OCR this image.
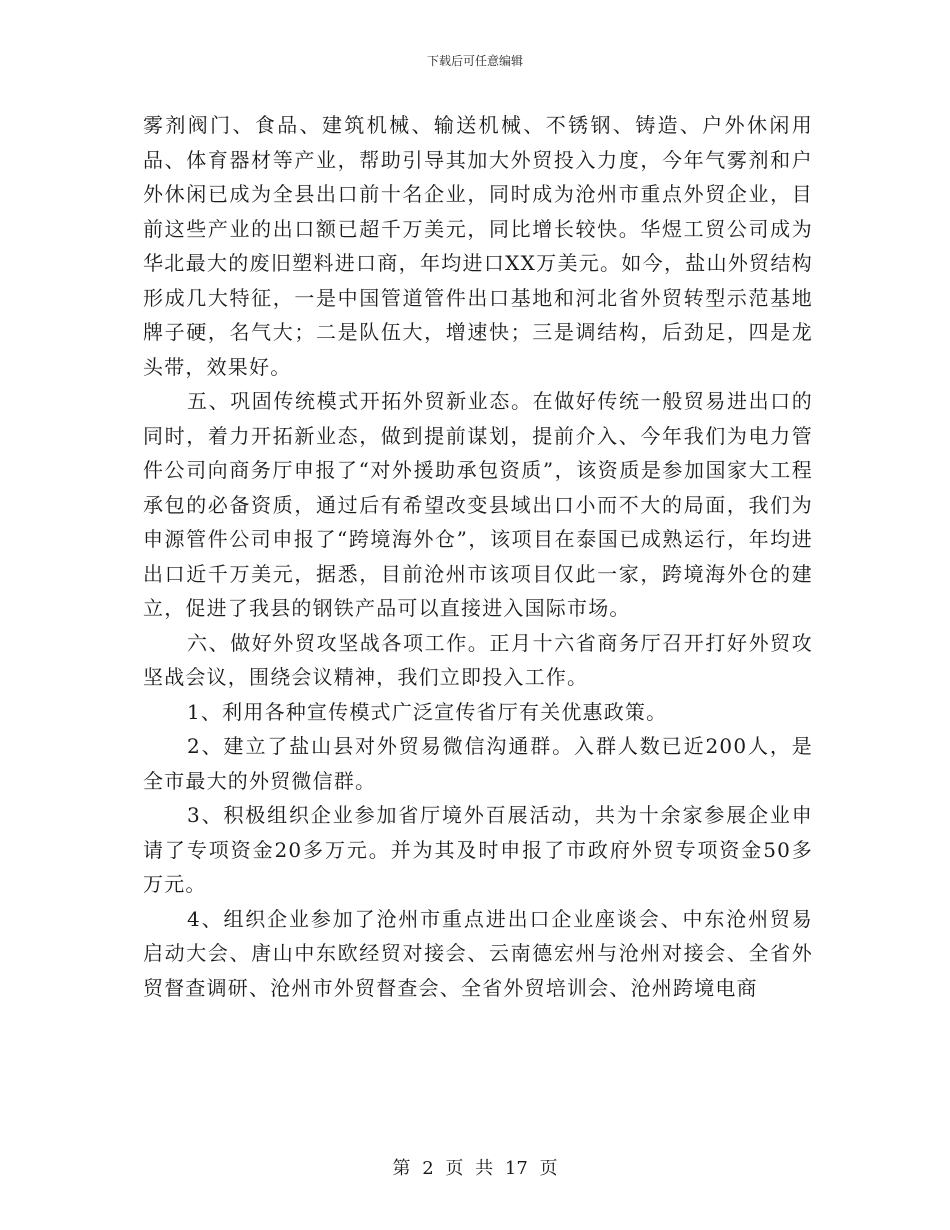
下载后可任意编辑

雾剂阀门、食品、建筑机械、输送机械、不锈钢、铸造、户外休闲用品、体育器材等产业，帮助引导其加大外贸投入力度，今年气雾剂和户外休闲已成为全县出口前十名企业，同时成为沧州市重点外贸企业，目前这些产业的出口额已超千万美元，同比增长较快。华煜工贸公司成为华北最大的废旧塑料进口商，年均进口XX万美元。如今，盐山外贸结构形成几大特征，一是中国管道管件出口基地和河北省外贸转型示范基地牌子硬，名气大；二是队伍大，增速快；三是调结构，后劲足，四是龙头带，效果好。

五、巩固传统模式开拓外贸新业态。在做好传统一般贸易进出口的同时，着力开拓新业态，做到提前谋划，提前介入、今年我们为电力管件公司向商务厅申报了“对外援助承包资质”，该资质是参加国家大工程承包的必备资质，通过后有希望改变县域出口小而不大的局面，我们为申源管件公司申报了“跨境海外仓”，该项目在泰国已成熟运行，年均进出口近千万美元，据悉，目前沧州市该项目仅此一家，跨境海外仓的建立，促进了我县的钢铁产品可以直接进入国际市场。

六、做好外贸攻坚战各项工作。正月十六省商务厅召开打好外贸攻坚战会议，围绕会议精神，我们立即投入工作。

1、利用各种宣传模式广泛宣传省厅有关优惠政策。

2、建立了盐山县对外贸易微信沟通群。入群人数已近200人，是全市最大的外贸微信群。

3、积极组织企业参加省厅境外百展活动，共为十余家参展企业申请了专项资金20多万元。并为其及时申报了市政府外贸专项资金50多万元。

4、组织企业参加了沧州市重点进出口企业座谈会、中东沧州贸易启动大会、唐山中东欧经贸对接会、云南德宏州与沧州对接会、全省外贸督查调研、沧州市外贸督查会、全省外贸培训会、沧州跨境电商

第 2 页 共 17 页
